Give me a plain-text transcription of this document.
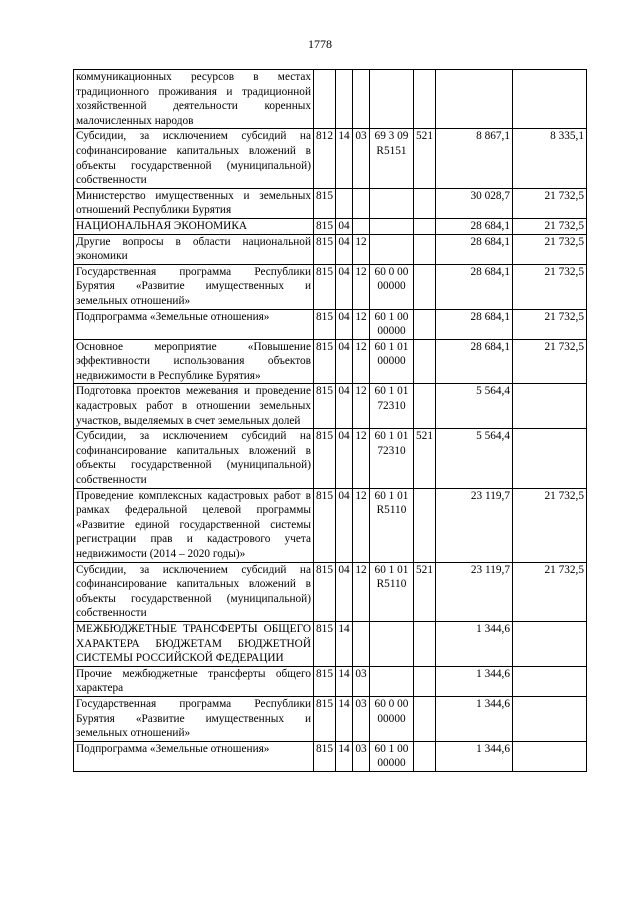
1778
коммуникационных ресурсов в местах традиционного проживания и традиционной хозяйственной деятельности коренных малочисленных народов							
Субсидии, за исключением субсидий на софинансирование капитальных вложений в объекты государственной (муниципальной) собственности	812	14	03	69 3 09 R5151	521	8 867,1	8 335,1
Министерство имущественных и земельных отношений Республики Бурятия	815					30 028,7	21 732,5
НАЦИОНАЛЬНАЯ ЭКОНОМИКА	815	04				28 684,1	21 732,5
Другие вопросы в области национальной экономики	815	04	12			28 684,1	21 732,5
Государственная программа Республики Бурятия «Развитие имущественных и земельных отношений»	815	04	12	60 0 00 00000		28 684,1	21 732,5
Подпрограмма «Земельные отношения»	815	04	12	60 1 00 00000		28 684,1	21 732,5
Основное мероприятие «Повышение эффективности использования объектов недвижимости в Республике Бурятия»	815	04	12	60 1 01 00000		28 684,1	21 732,5
Подготовка проектов межевания и проведение кадастровых работ в отношении земельных участков, выделяемых в счет земельных долей	815	04	12	60 1 01 72310		5 564,4	
Субсидии, за исключением субсидий на софинансирование капитальных вложений в объекты государственной (муниципальной) собственности	815	04	12	60 1 01 72310	521	5 564,4	
Проведение комплексных кадастровых работ в рамках федеральной целевой программы «Развитие единой государственной системы регистрации прав и кадастрового учета недвижимости (2014 – 2020 годы)»	815	04	12	60 1 01 R5110		23 119,7	21 732,5
Субсидии, за исключением субсидий на софинансирование капитальных вложений в объекты государственной (муниципальной) собственности	815	04	12	60 1 01 R5110	521	23 119,7	21 732,5
МЕЖБЮДЖЕТНЫЕ ТРАНСФЕРТЫ ОБЩЕГО ХАРАКТЕРА БЮДЖЕТАМ БЮДЖЕТНОЙ СИСТЕМЫ РОССИЙСКОЙ ФЕДЕРАЦИИ	815	14				1 344,6	
Прочие межбюджетные трансферты общего характера	815	14	03			1 344,6	
Государственная программа Республики Бурятия «Развитие имущественных и земельных отношений»	815	14	03	60 0 00 00000		1 344,6	
Подпрограмма «Земельные отношения»	815	14	03	60 1 00 00000		1 344,6	
